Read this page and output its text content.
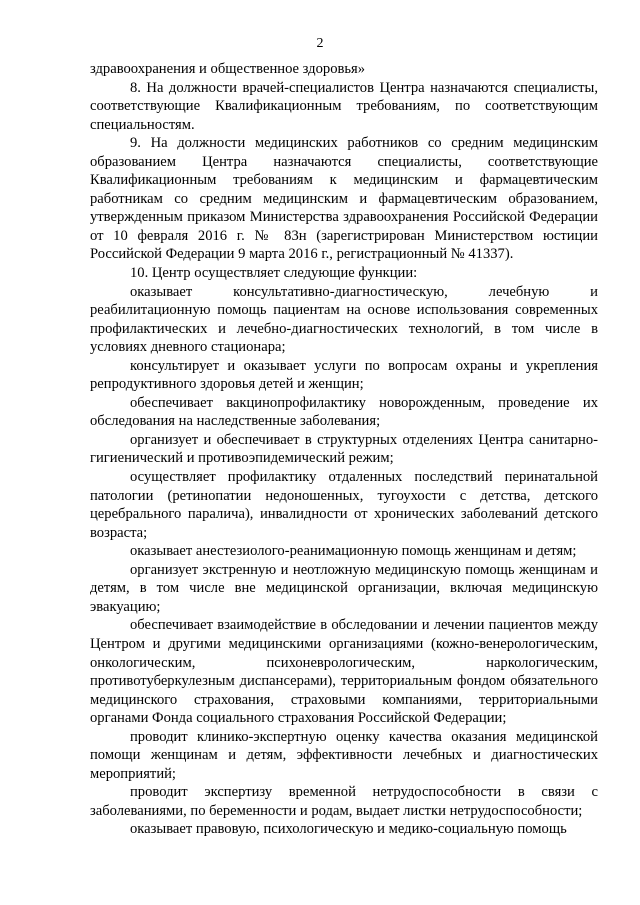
2

здравоохранения и общественное здоровья»

8. На должности врачей-специалистов Центра назначаются специалисты, соответствующие Квалификационным требованиям, по соответствующим специальностям.

9. На должности медицинских работников со средним медицинским образованием Центра назначаются специалисты, соответствующие Квалификационным требованиям к медицинским и фармацевтическим работникам со средним медицинским и фармацевтическим образованием, утвержденным приказом Министерства здравоохранения Российской Федерации от 10 февраля 2016 г. № 83н (зарегистрирован Министерством юстиции Российской Федерации 9 марта 2016 г., регистрационный № 41337).

10. Центр осуществляет следующие функции:

оказывает консультативно-диагностическую, лечебную и реабилитационную помощь пациентам на основе использования современных профилактических и лечебно-диагностических технологий, в том числе в условиях дневного стационара;

консультирует и оказывает услуги по вопросам охраны и укрепления репродуктивного здоровья детей и женщин;

обеспечивает вакцинопрофилактику новорожденным, проведение их обследования на наследственные заболевания;

организует и обеспечивает в структурных отделениях Центра санитарно-гигиенический и противоэпидемический режим;

осуществляет профилактику отдаленных последствий перинатальной патологии (ретинопатии недоношенных, тугоухости с детства, детского церебрального паралича), инвалидности от хронических заболеваний детского возраста;

оказывает анестезиолого-реанимационную помощь женщинам и детям;

организует экстренную и неотложную медицинскую помощь женщинам и детям, в том числе вне медицинской организации, включая медицинскую эвакуацию;

обеспечивает взаимодействие в обследовании и лечении пациентов между Центром и другими медицинскими организациями (кожно-венерологическим, онкологическим, психоневрологическим, наркологическим, противотуберкулезным диспансерами), территориальным фондом обязательного медицинского страхования, страховыми компаниями, территориальными органами Фонда социального страхования Российской Федерации;

проводит клинико-экспертную оценку качества оказания медицинской помощи женщинам и детям, эффективности лечебных и диагностических мероприятий;

проводит экспертизу временной нетрудоспособности в связи с заболеваниями, по беременности и родам, выдает листки нетрудоспособности;

оказывает правовую, психологическую и медико-социальную помощь
